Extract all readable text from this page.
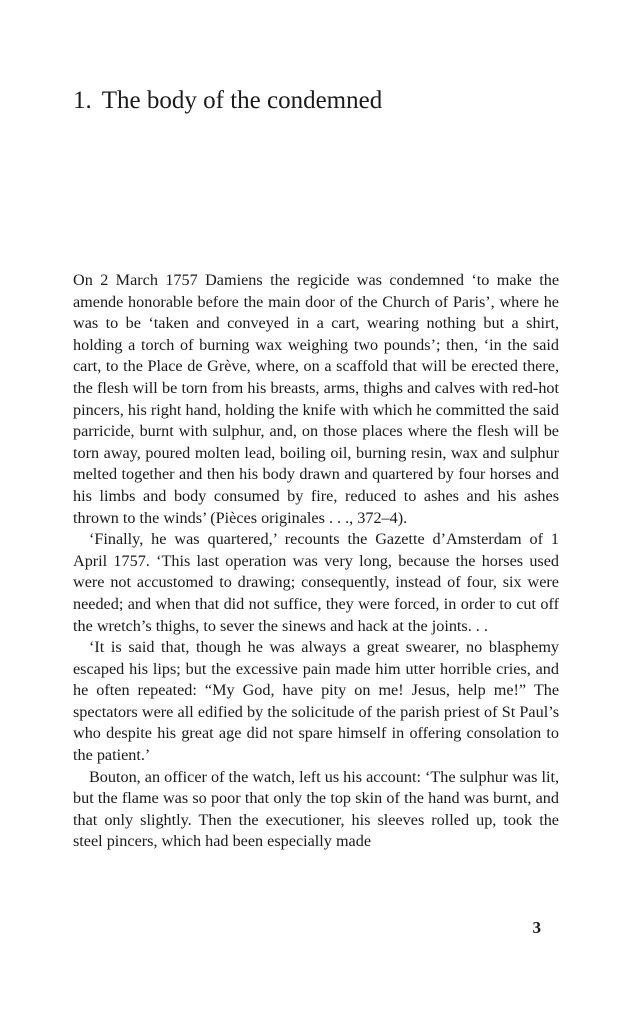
1. The body of the condemned

On 2 March 1757 Damiens the regicide was condemned ‘to make the amende honorable before the main door of the Church of Paris’, where he was to be ‘taken and conveyed in a cart, wearing nothing but a shirt, holding a torch of burning wax weighing two pounds’; then, ‘in the said cart, to the Place de Grève, where, on a scaffold that will be erected there, the flesh will be torn from his breasts, arms, thighs and calves with red-hot pincers, his right hand, holding the knife with which he committed the said parricide, burnt with sulphur, and, on those places where the flesh will be torn away, poured molten lead, boiling oil, burning resin, wax and sulphur melted together and then his body drawn and quartered by four horses and his limbs and body consumed by fire, reduced to ashes and his ashes thrown to the winds’ (Pièces originales . . ., 372–4).

‘Finally, he was quartered,’ recounts the Gazette d’Amsterdam of 1 April 1757. ‘This last operation was very long, because the horses used were not accustomed to drawing; consequently, instead of four, six were needed; and when that did not suffice, they were forced, in order to cut off the wretch’s thighs, to sever the sinews and hack at the joints. . .

‘It is said that, though he was always a great swearer, no blasphemy escaped his lips; but the excessive pain made him utter horrible cries, and he often repeated: “My God, have pity on me! Jesus, help me!” The spectators were all edified by the solicitude of the parish priest of St Paul’s who despite his great age did not spare himself in offering consolation to the patient.’

Bouton, an officer of the watch, left us his account: ‘The sulphur was lit, but the flame was so poor that only the top skin of the hand was burnt, and that only slightly. Then the executioner, his sleeves rolled up, took the steel pincers, which had been especially made

3
